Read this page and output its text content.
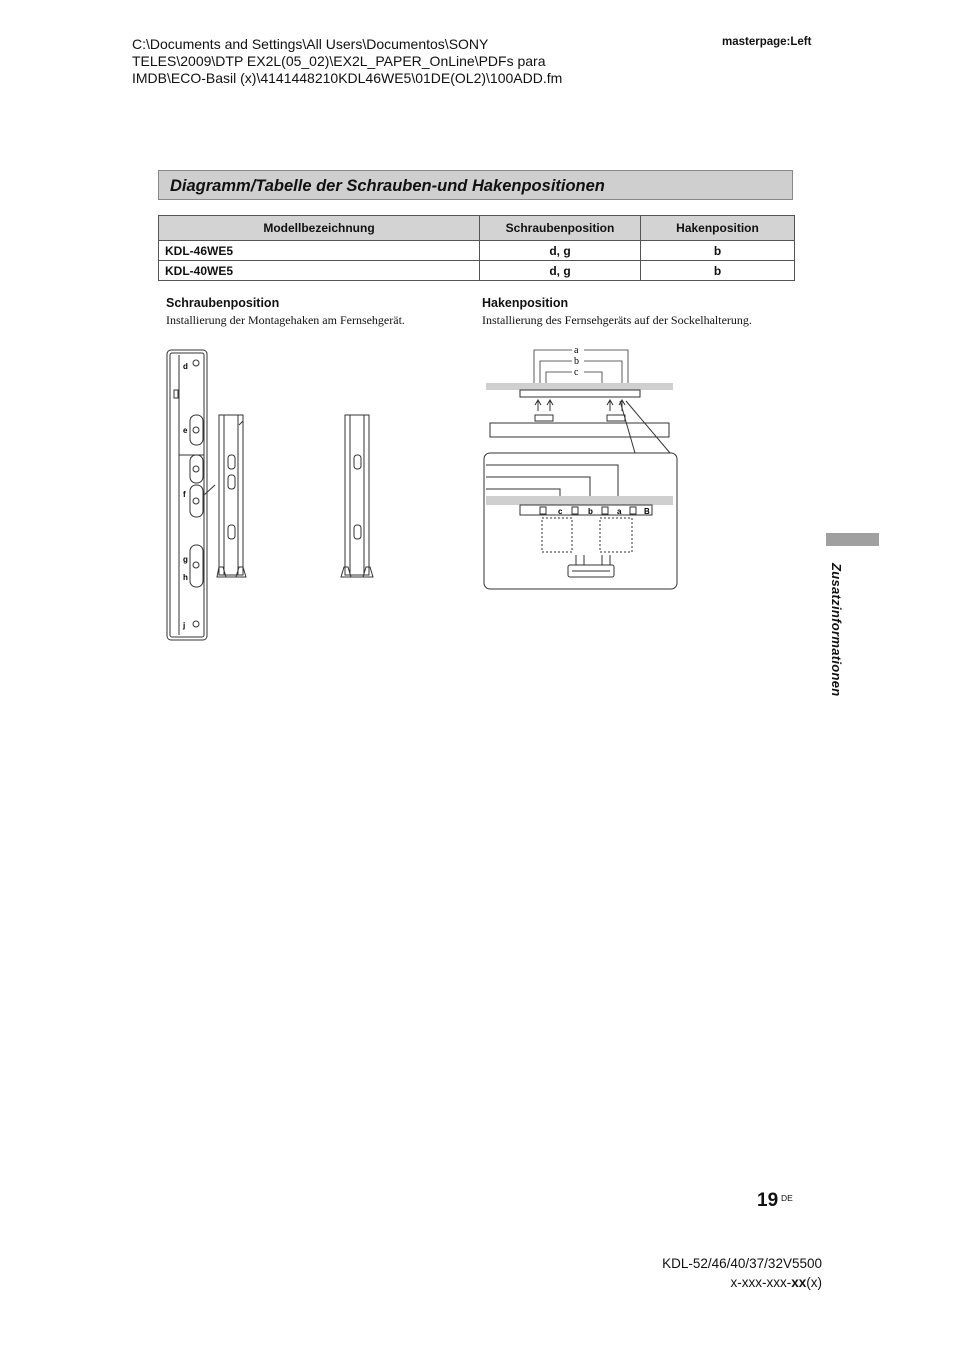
C:\Documents and Settings\All Users\Documentos\SONY
TELES\2009\DTP EX2L(05_02)\EX2L_PAPER_OnLine\PDFs para
IMDB\ECO-Basil (x)\4141448210KDL46WE5\01DE(OL2)\100ADD.fm
masterpage:Left
Diagramm/Tabelle der Schrauben-und Hakenpositionen
Modellbezeichnung	Schraubenposition	Hakenposition
KDL-46WE5	d, g	b
KDL-40WE5	d, g	b
Schraubenposition
Installierung der Montagehaken am Fernsehgerät.
Hakenposition
Installierung des Fernsehgeräts auf der Sockelhalterung.
d
e
f
g
h
j
a
b
c
c	b	a	B
Zusatzinformationen
19 DE
KDL-52/46/40/37/32V5500
x-xxx-xxx-xx(x)
